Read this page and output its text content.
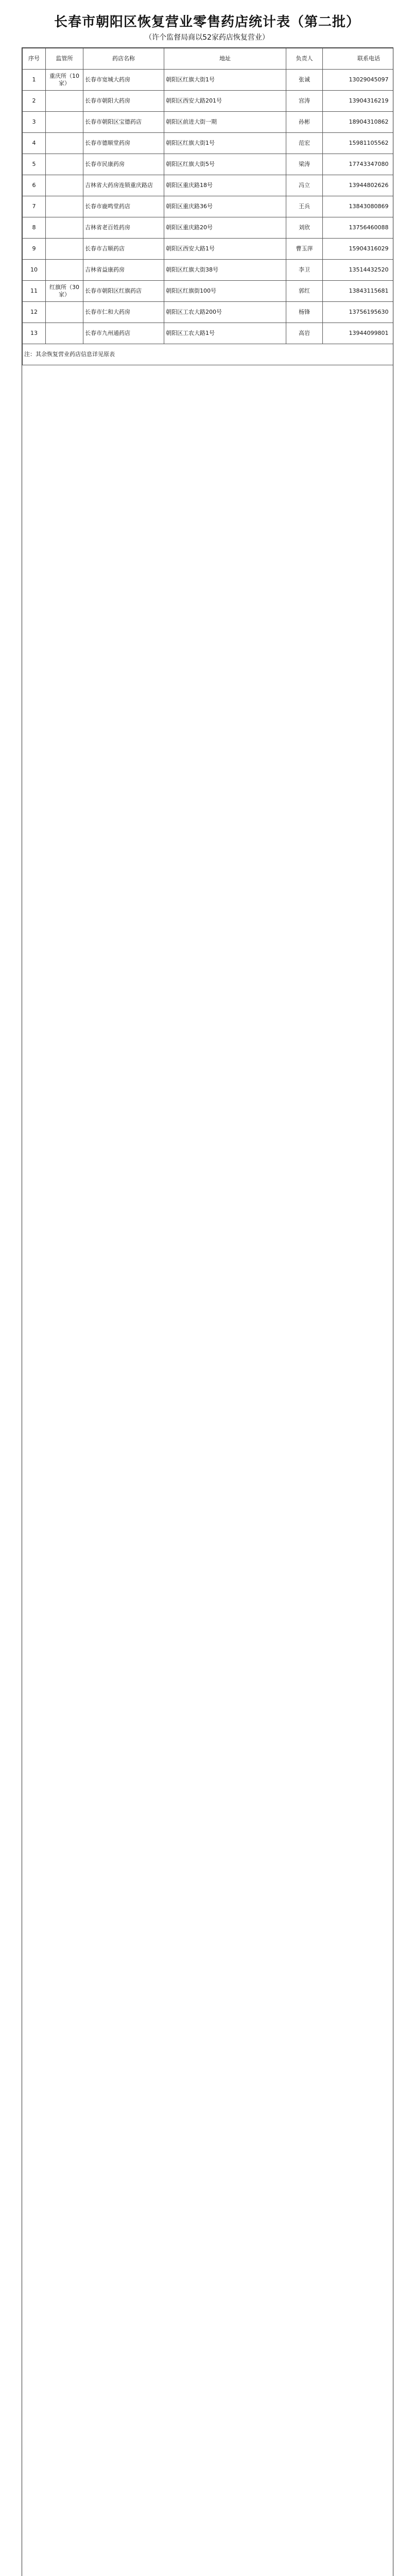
长春市朝阳区恢复营业零售药店统计表（第二批）
（许个监督局商以52家药店恢复营业）
序号	监管所	药店名称	地址	负责人	联系电话
1	重庆所（10家）	长春市宽城大药房	朝阳区红旗大街1号	张诚	13029045097
2		长春市朝阳大药房	朝阳区西安大路201号	宫涛	13904316219
3		长春市朝阳区宝德药店	朝阳区前进大街一期	孙彬	18904310862
4		长春市德顺堂药房	朝阳区红旗大街1号	范宏	15981105562
5		长春市民康药房	朝阳区红旗大街5号	梁涛	17743347080
6		吉林省大药房连锁重庆路店	朝阳区重庆路18号	冯立	13944802626
7		长春市鹿鸣堂药店	朝阳区重庆路36号	王兵	13843080869
8		吉林省老百姓药房	朝阳区重庆路20号	刘欣	13756460088
9		长春市吉顺药店	朝阳区西安大路1号	曹玉萍	15904316029
10		吉林省益康药房	朝阳区红旗大街38号	李卫	13514432520
11	红旗所（30家）	长春市朝阳区红旗药店	朝阳区红旗街100号	郭红	13843115681
12		长春市仁和大药房	朝阳区工农大路200号	杨锋	13756195630
13		长春市九州通药店	朝阳区工农大路1号	高岩	13944099801
注：其余恢复营业药店信息详见原表					
